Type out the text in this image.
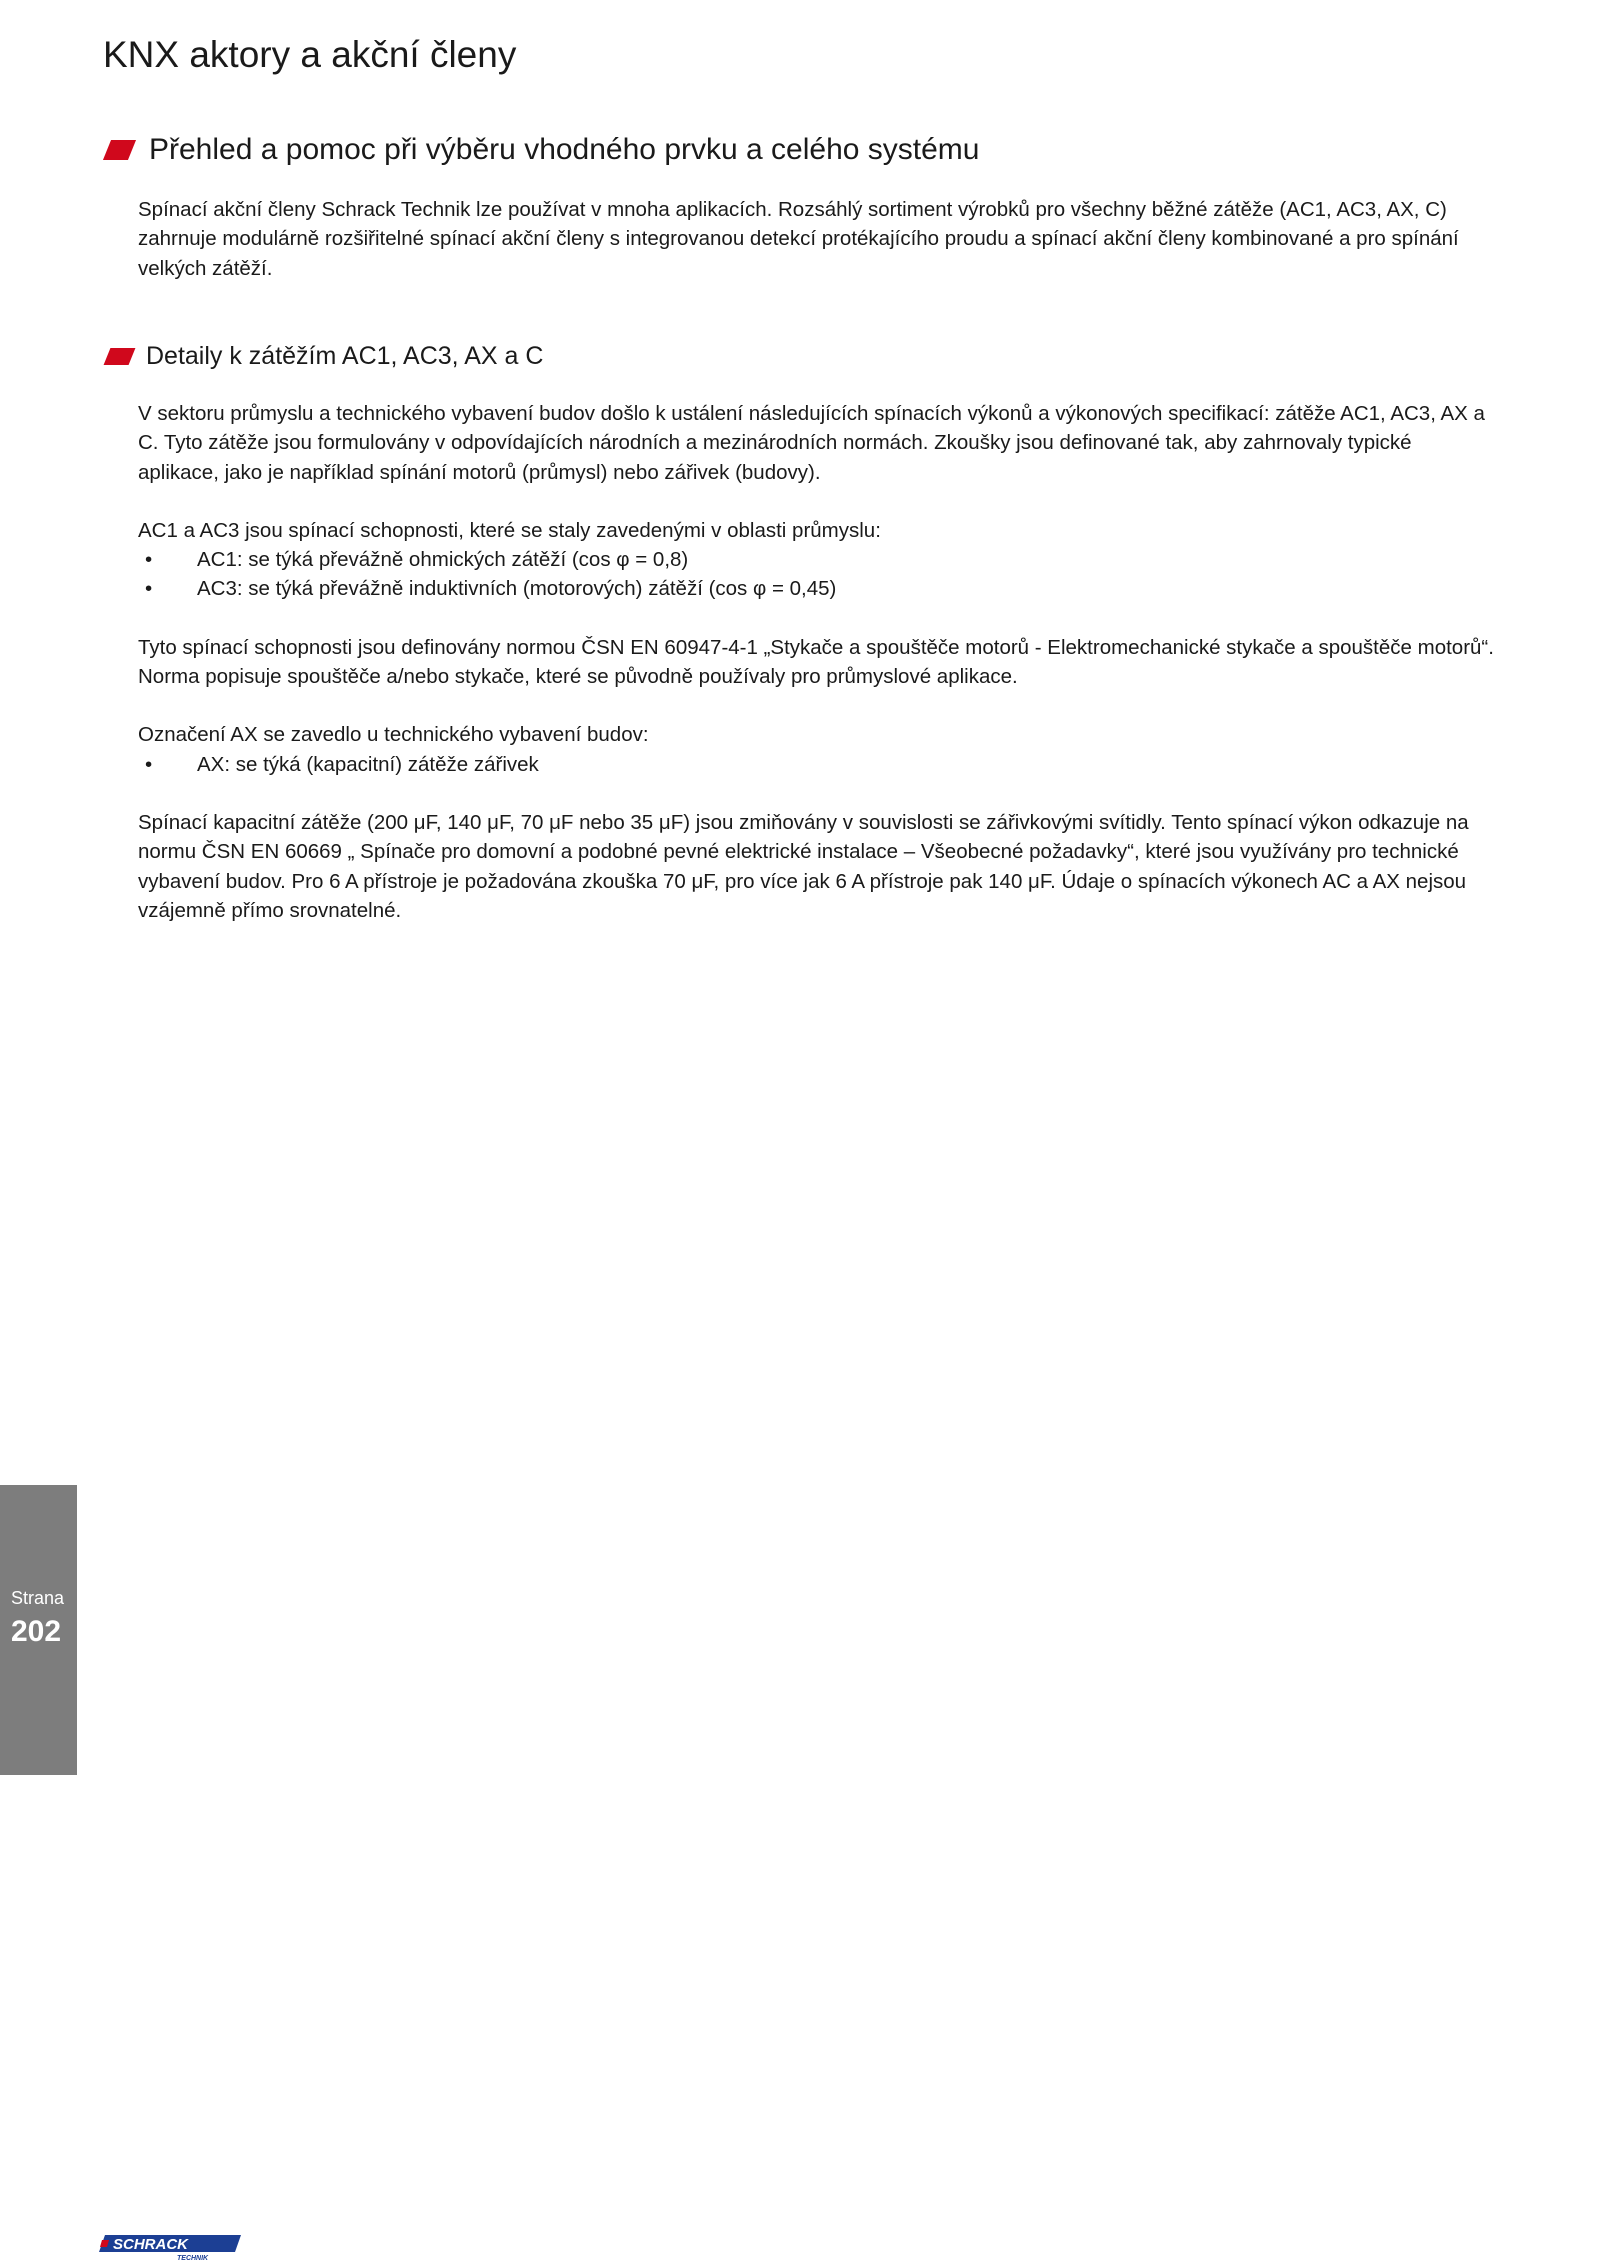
KNX aktory a akční členy
Přehled a pomoc při výběru vhodného prvku a celého systému

Spínací akční členy Schrack Technik lze používat v mnoha aplikacích. Rozsáhlý sortiment výrobků pro všechny běžné zátěže (AC1, AC3, AX, C) zahrnuje modulárně rozšiřitelné spínací akční členy s integrovanou detekcí protékajícího proudu a spínací akční členy kombinované a pro spínání velkých zátěží.

Detaily k zátěžím AC1, AC3, AX a C

V sektoru průmyslu a technického vybavení budov došlo k ustálení následujících spínacích výkonů a výkonových specifikací: zátěže AC1, AC3, AX a C. Tyto zátěže jsou formulovány v odpovídajících národních a mezinárodních normách. Zkoušky jsou definované tak, aby zahrnovaly typické aplikace, jako je například spínání motorů (průmysl) nebo zářivek (budovy).

AC1 a AC3 jsou spínací schopnosti, které se staly zavedenými v oblasti průmyslu:

• AC1: se týká převážně ohmických zátěží (cos φ = 0,8)
• AC3: se týká převážně induktivních (motorových) zátěží (cos φ = 0,45)

Tyto spínací schopnosti jsou definovány normou ČSN EN 60947-4-1 „Stykače a spouštěče motorů - Elektromechanické stykače a spouštěče motorů“. Norma popisuje spouštěče a/nebo stykače, které se původně používaly pro průmyslové aplikace.

Označení AX se zavedlo u technického vybavení budov:

• AX: se týká (kapacitní) zátěže zářivek

Spínací kapacitní zátěže (200 μF, 140 μF, 70 μF nebo 35 μF) jsou zmiňovány v souvislosti se zářivkovými svítidly. Tento spínací výkon odkazuje na normu ČSN EN 60669 „ Spínače pro domovní a podobné pevné elektrické instalace – Všeobecné požadavky“, které jsou využívány pro technické vybavení budov. Pro 6 A přístroje je požadována zkouška 70 μF, pro více jak 6 A přístroje pak 140 μF. Údaje o spínacích výkonech AC a AX nejsou vzájemně přímo srovnatelné.

Strana
202
SCHRACK
TECHNIK
